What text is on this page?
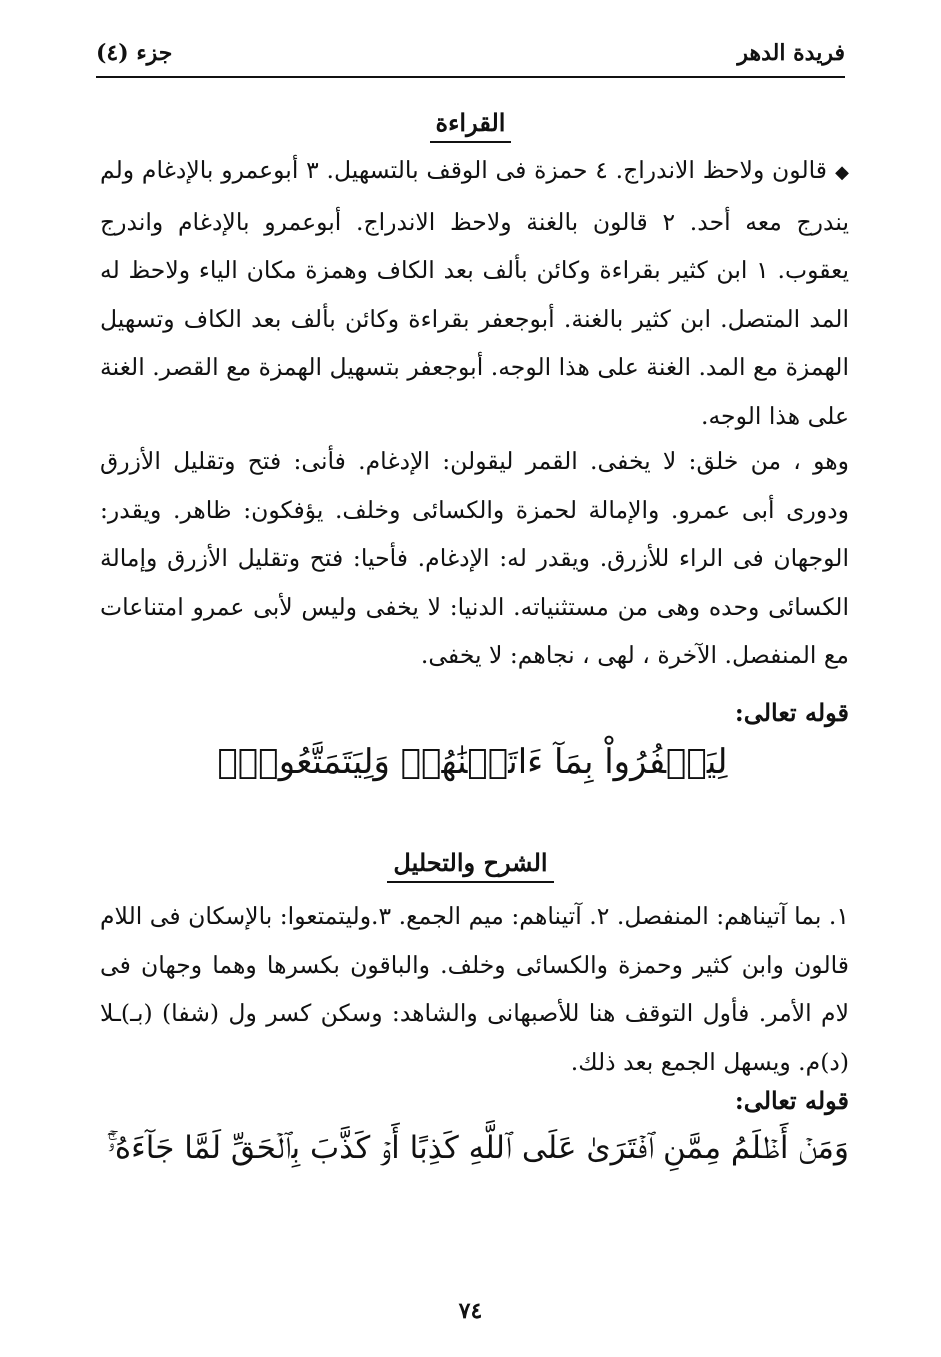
جزء (٤)	فريدة الدهر
القراءة
◆قالون ولاحظ الاندراج. ٤ حمزة فى الوقف بالتسهيل. ٣ أبوعمرو بالإدغام ولم يندرج معه أحد. ٢ قالون بالغنة ولاحظ الاندراج. أبوعمرو بالإدغام واندرج يعقوب. ١ ابن كثير بقراءة وكائن بألف بعد الكاف وهمزة مكان الياء ولاحظ له المد المتصل. ابن كثير بالغنة. أبوجعفر بقراءة وكائن بألف بعد الكاف وتسهيل الهمزة مع المد. الغنة على هذا الوجه. أبوجعفر بتسهيل الهمزة مع القصر. الغنة على هذا الوجه.
وهو ، من خلق: لا يخفى. القمر ليقولن: الإدغام. فأنى: فتح وتقليل الأزرق ودورى أبى عمرو. والإمالة لحمزة والكسائى وخلف. يؤفكون: ظاهر. ويقدر: الوجهان فى الراء للأزرق. ويقدر له: الإدغام. فأحيا: فتح وتقليل الأزرق وإمالة الكسائى وحده وهى من مستثنياته. الدنيا: لا يخفى وليس لأبى عمرو امتناعات مع المنفصل. الآخرة ، لهى ، نجاهم: لا يخفى.
قوله تعالى:
لِيَكۡفُرُواْ بِمَآ ءَاتَيۡنَٰهُمۡ وَلِيَتَمَتَّعُواْۖ
الشرح والتحليل
١. بما آتيناهم: المنفصل. ٢. آتيناهم: ميم الجمع. ٣.وليتمتعوا: بالإسكان فى اللام قالون وابن كثير وحمزة والكسائى وخلف. والباقون بكسرها وهما وجهان فى لام الأمر. فأول التوقف هنا للأصبهانى والشاهد: وسكن كسر ول (شفا) (بـ)ـلا (د)م. ويسهل الجمع بعد ذلك.
قوله تعالى:
وَمَنۡ أَظۡلَمُ مِمَّنِ ٱفۡتَرَىٰ عَلَى ٱللَّهِ كَذِبًا أَوۡ كَذَّبَ بِٱلۡحَقِّ لَمَّا جَآءَهُۥٓۚ
٧٤
